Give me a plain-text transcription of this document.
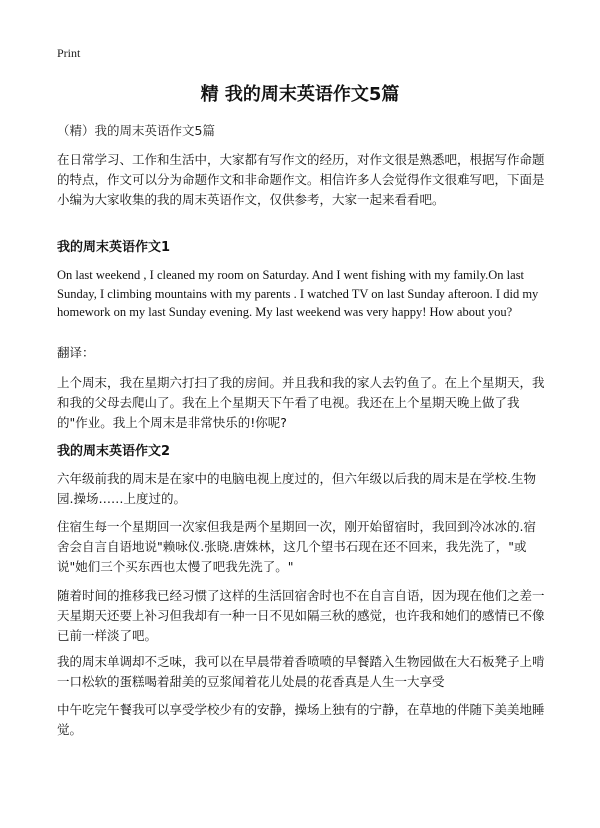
Print
精 我的周末英语作文5篇
（精）我的周末英语作文5篇
在日常学习、工作和生活中，大家都有写作文的经历，对作文很是熟悉吧，根据写作命题的特点，作文可以分为命题作文和非命题作文。相信许多人会觉得作文很难写吧，下面是小编为大家收集的我的周末英语作文，仅供参考，大家一起来看看吧。
我的周末英语作文1
On last weekend , I cleaned my room on Saturday. And I went fishing with my family.On last Sunday, I climbing mountains with my parents . I watched TV on last Sunday afteroon. I did my homework on my last Sunday evening. My last weekend was very happy! How about you?
翻译：
上个周末，我在星期六打扫了我的房间。并且我和我的家人去钓鱼了。在上个星期天，我和我的父母去爬山了。我在上个星期天下午看了电视。我还在上个星期天晚上做了我的"作业。我上个周末是非常快乐的!你呢?
我的周末英语作文2
六年级前我的周末是在家中的电脑电视上度过的，但六年级以后我的周末是在学校.生物园.操场……上度过的。
住宿生每一个星期回一次家但我是两个星期回一次，刚开始留宿时，我回到冷冰冰的.宿舍会自言自语地说"赖咏仪.张晓.唐姝林，这几个望书石现在还不回来，我先洗了，"或说"她们三个买东西也太慢了吧我先洗了。"
随着时间的推移我已经习惯了这样的生活回宿舍时也不在自言自语，因为现在他们之差一天星期天还要上补习但我却有一种一日不见如隔三秋的感觉，也许我和她们的感情已不像已前一样淡了吧。
我的周末单调却不乏味，我可以在早晨带着香喷喷的早餐踏入生物园做在大石板凳子上啃一口松软的蛋糕喝着甜美的豆浆闻着花儿处晨的花香真是人生一大享受
中午吃完午餐我可以享受学校少有的安静，操场上独有的宁静，在草地的伴随下美美地睡觉。
